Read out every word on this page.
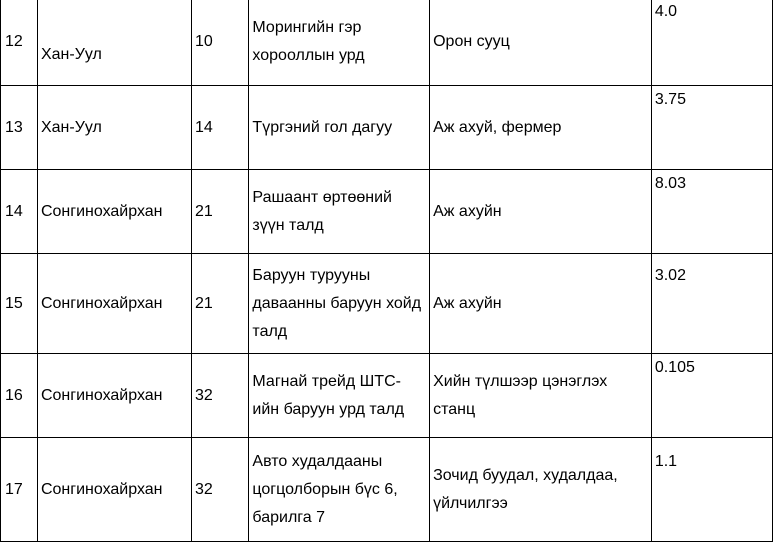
12	Хан-Уул	10	Морингийн гэр хорооллын урд	Орон сууц	4.0
13	Хан-Уул	14	Түргэний гол дагуу	Аж ахуй, фермер	3.75
14	Сонгинохайрхан	21	Рашаант өртөөний зүүн талд	Аж ахуйн	8.03
15	Сонгинохайрхан	21	Баруун турууны даваанны баруун хойд талд	Аж ахуйн	3.02
16	Сонгинохайрхан	32	Магнай трейд ШТС-ийн баруун урд талд	Хийн түлшээр цэнэглэх станц	0.105
17	Сонгинохайрхан	32	Авто худалдааны цогцолборын бүс 6, барилга 7	Зочид буудал, худалдаа, үйлчилгээ	1.1
